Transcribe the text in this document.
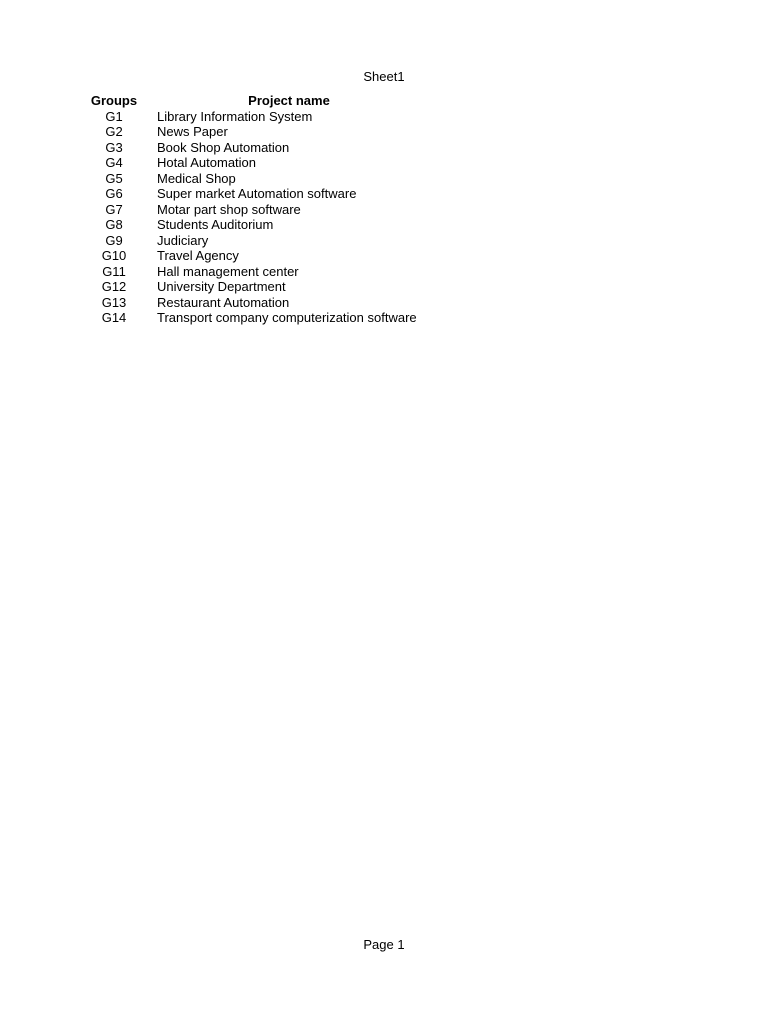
Sheet1
Groups	Project name
G1	Library Information System
G2	News Paper
G3	Book Shop Automation
G4	Hotal Automation
G5	Medical Shop
G6	Super market Automation software
G7	Motar part shop software
G8	Students Auditorium
G9	Judiciary
G10	Travel Agency
G11	Hall management center
G12	University Department
G13	Restaurant Automation
G14	Transport company computerization software
Page 1
